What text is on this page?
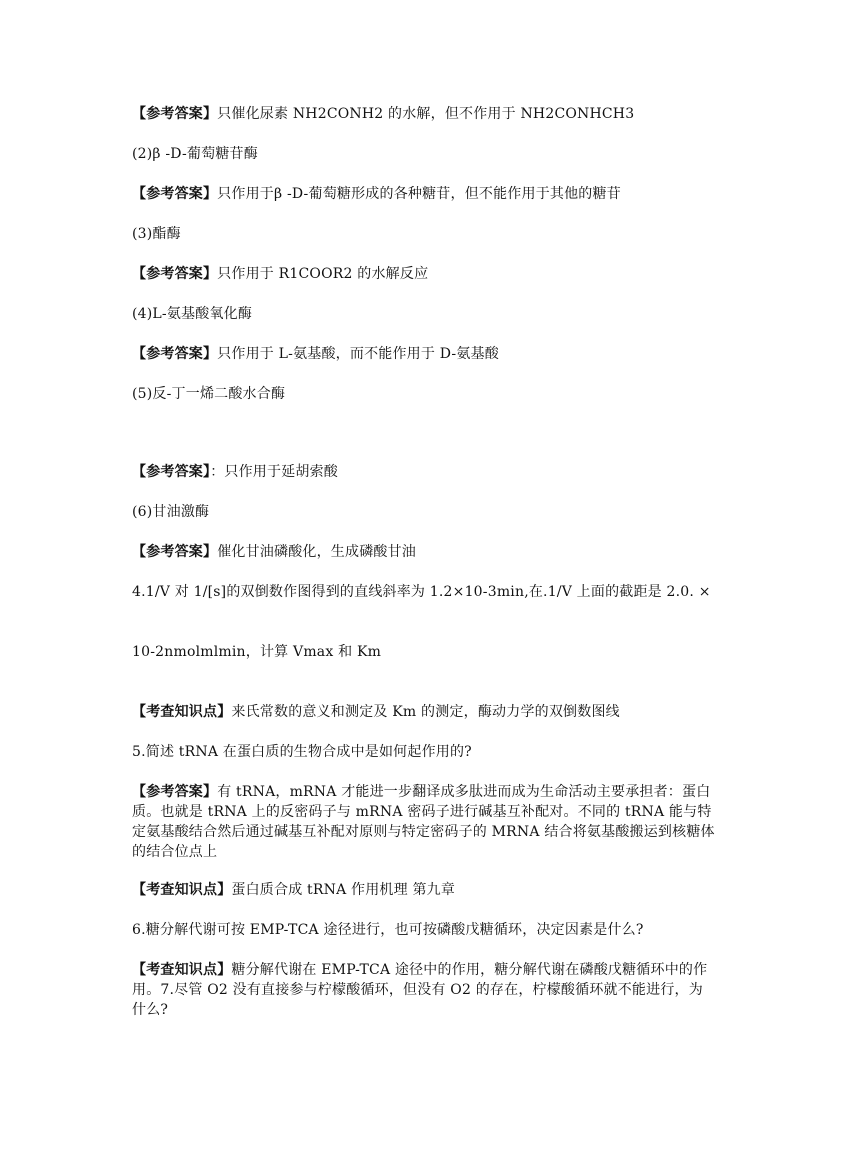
【参考答案】只催化尿素 NH2CONH2 的水解，但不作用于 NH2CONHCH3
(2)β -D-葡萄糖苷酶
【参考答案】只作用于β -D-葡萄糖形成的各种糖苷，但不能作用于其他的糖苷
(3)酯酶
【参考答案】只作用于 R1COOR2 的水解反应
(4)L-氨基酸氧化酶
【参考答案】只作用于 L-氨基酸，而不能作用于 D-氨基酸
(5)反-丁一烯二酸水合酶
【参考答案】：只作用于延胡索酸
(6)甘油激酶
【参考答案】催化甘油磷酸化，生成磷酸甘油
4.1/V 对 1/[s]的双倒数作图得到的直线斜率为 1.2×10-3min,在.1/V 上面的截距是 2.0. ×
10-2nmolmlmin，计算 Vmax 和 Km
【考查知识点】来氏常数的意义和测定及 Km 的测定，酶动力学的双倒数图线
5.简述 tRNA 在蛋白质的生物合成中是如何起作用的?
【参考答案】有 tRNA，mRNA 才能进一步翻译成多肽进而成为生命活动主要承担者：蛋白质。也就是 tRNA 上的反密码子与 mRNA 密码子进行碱基互补配对。不同的 tRNA 能与特定氨基酸结合然后通过碱基互补配对原则与特定密码子的 MRNA 结合将氨基酸搬运到核糖体的结合位点上
【考查知识点】蛋白质合成 tRNA 作用机理 第九章
6.糖分解代谢可按 EMP-TCA 途径进行，也可按磷酸戊糖循环，决定因素是什么?
【考查知识点】糖分解代谢在 EMP-TCA 途径中的作用，糖分解代谢在磷酸戊糖循环中的作用。7.尽管 O2 没有直接参与柠檬酸循环，但没有 O2 的存在，柠檬酸循环就不能进行，为什么?
